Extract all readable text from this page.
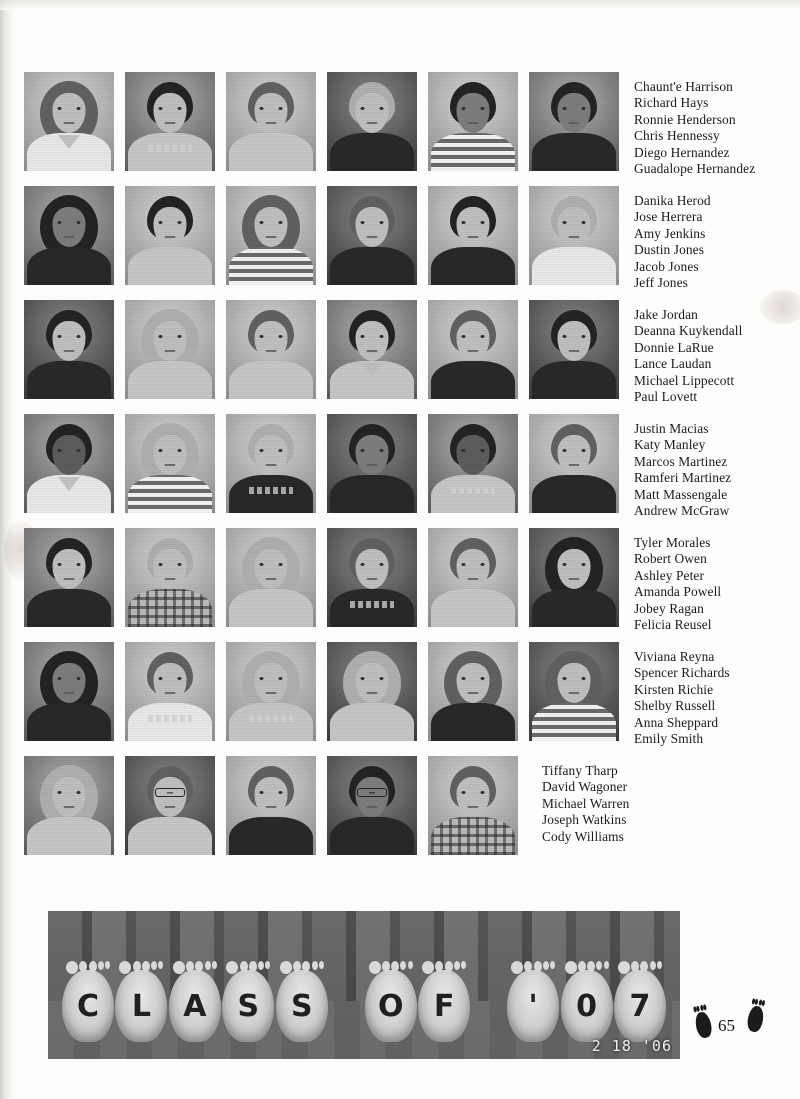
Chaunt'e Harrison
Richard Hays
Ronnie Henderson
Chris Hennessy
Diego Hernandez
Guadalope Hernandez
Danika Herod
Jose Herrera
Amy Jenkins
Dustin Jones
Jacob Jones
Jeff Jones
Jake Jordan
Deanna Kuykendall
Donnie LaRue
Lance Laudan
Michael Lippecott
Paul Lovett
Justin Macias
Katy Manley
Marcos Martinez
Ramferi Martinez
Matt Massengale
Andrew McGraw
Tyler Morales
Robert Owen
Ashley Peter
Amanda Powell
Jobey Ragan
Felicia Reusel
Viviana Reyna
Spencer Richards
Kirsten Richie
Shelby Russell
Anna Sheppard
Emily Smith
Tiffany Tharp
David Wagoner
Michael Warren
Joseph Watkins
Cody Williams
C L A S S O F ' 0 7
2 18 '06
65
